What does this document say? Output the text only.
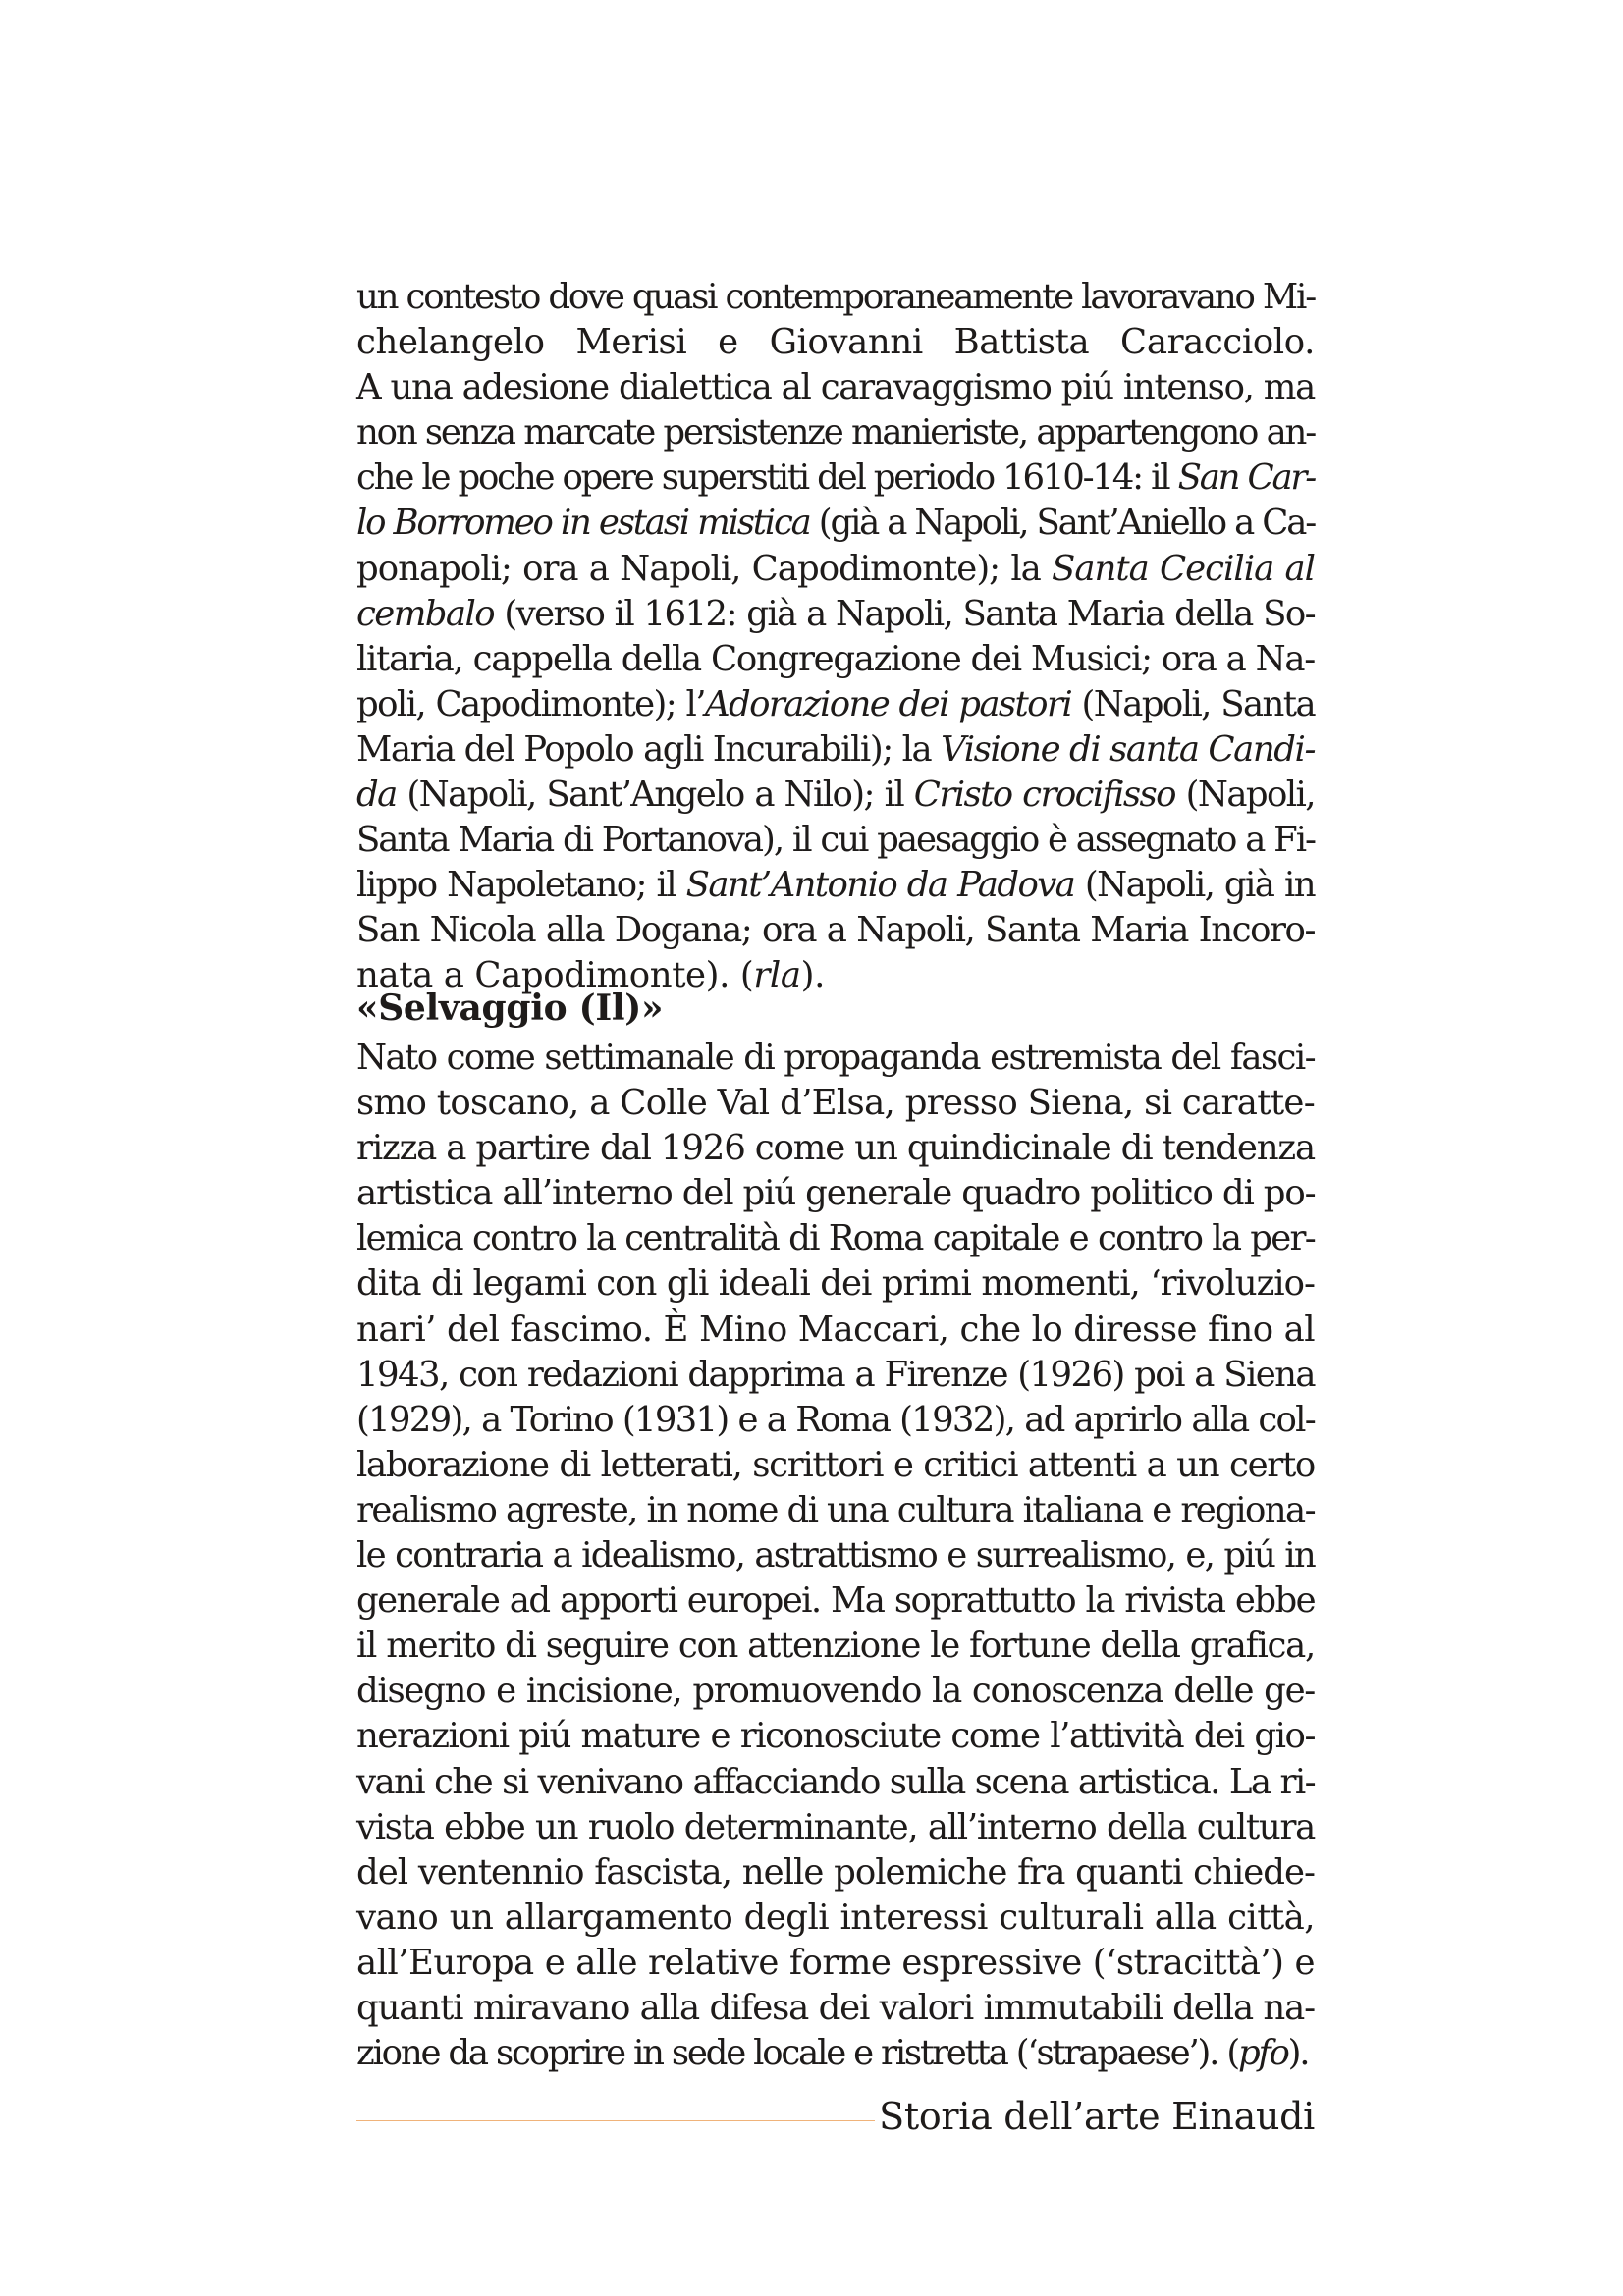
un contesto dove quasi contemporaneamente lavoravano Mi-
chelangelo Merisi e Giovanni Battista Caracciolo.
A una adesione dialettica al caravaggismo piú intenso, ma
non senza marcate persistenze manieriste, appartengono an-
che le poche opere superstiti del periodo 1610-14: il San Car-
lo Borromeo in estasi mistica (già a Napoli, Sant’Aniello a Ca-
ponapoli; ora a Napoli, Capodimonte); la Santa Cecilia al
cembalo (verso il 1612: già a Napoli, Santa Maria della So-
litaria, cappella della Congregazione dei Musici; ora a Na-
poli, Capodimonte); l’Adorazione dei pastori (Napoli, Santa
Maria del Popolo agli Incurabili); la Visione di santa Candi-
da (Napoli, Sant’Angelo a Nilo); il Cristo crocifisso (Napoli,
Santa Maria di Portanova), il cui paesaggio è assegnato a Fi-
lippo Napoletano; il Sant’Antonio da Padova (Napoli, già in
San Nicola alla Dogana; ora a Napoli, Santa Maria Incoro-
nata a Capodimonte). (rla).
«Selvaggio (Il)»
Nato come settimanale di propaganda estremista del fasci-
smo toscano, a Colle Val d’Elsa, presso Siena, si caratte-
rizza a partire dal 1926 come un quindicinale di tendenza
artistica all’interno del piú generale quadro politico di po-
lemica contro la centralità di Roma capitale e contro la per-
dita di legami con gli ideali dei primi momenti, ‘rivoluzio-
nari’ del fascimo. È Mino Maccari, che lo diresse fino al
1943, con redazioni dapprima a Firenze (1926) poi a Siena
(1929), a Torino (1931) e a Roma (1932), ad aprirlo alla col-
laborazione di letterati, scrittori e critici attenti a un certo
realismo agreste, in nome di una cultura italiana e regiona-
le contraria a idealismo, astrattismo e surrealismo, e, piú in
generale ad apporti europei. Ma soprattutto la rivista ebbe
il merito di seguire con attenzione le fortune della grafica,
disegno e incisione, promuovendo la conoscenza delle ge-
nerazioni piú mature e riconosciute come l’attività dei gio-
vani che si venivano affacciando sulla scena artistica. La ri-
vista ebbe un ruolo determinante, all’interno della cultura
del ventennio fascista, nelle polemiche fra quanti chiede-
vano un allargamento degli interessi culturali alla città,
all’Europa e alle relative forme espressive (‘stracittà’) e
quanti miravano alla difesa dei valori immutabili della na-
zione da scoprire in sede locale e ristretta (‘strapaese’). (pfo).
Storia dell’arte Einaudi
